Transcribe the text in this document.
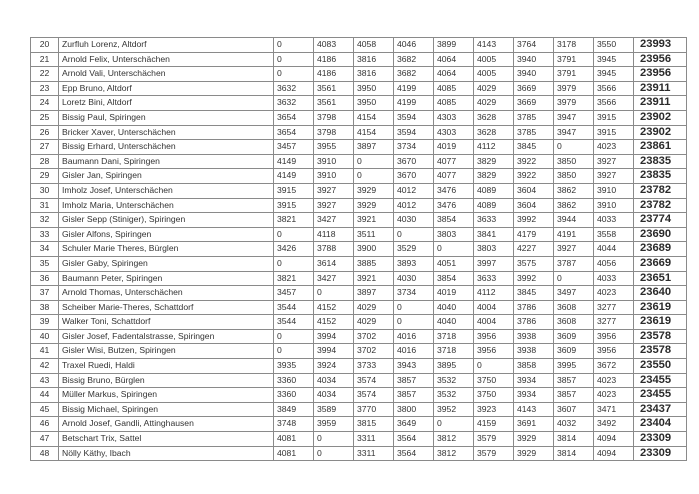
20	Zurfluh Lorenz, Altdorf	0	4083	4058	4046	3899	4143	3764	3178	3550	23993
21	Arnold Felix, Unterschächen	0	4186	3816	3682	4064	4005	3940	3791	3945	23956
22	Arnold Vali, Unterschächen	0	4186	3816	3682	4064	4005	3940	3791	3945	23956
23	Epp Bruno, Altdorf	3632	3561	3950	4199	4085	4029	3669	3979	3566	23911
24	Loretz Bini, Altdorf	3632	3561	3950	4199	4085	4029	3669	3979	3566	23911
25	Bissig Paul, Spiringen	3654	3798	4154	3594	4303	3628	3785	3947	3915	23902
26	Bricker Xaver, Unterschächen	3654	3798	4154	3594	4303	3628	3785	3947	3915	23902
27	Bissig Erhard, Unterschächen	3457	3955	3897	3734	4019	4112	3845	0	4023	23861
28	Baumann Dani, Spiringen	4149	3910	0	3670	4077	3829	3922	3850	3927	23835
29	Gisler Jan, Spiringen	4149	3910	0	3670	4077	3829	3922	3850	3927	23835
30	Imholz Josef, Unterschächen	3915	3927	3929	4012	3476	4089	3604	3862	3910	23782
31	Imholz Maria, Unterschächen	3915	3927	3929	4012	3476	4089	3604	3862	3910	23782
32	Gisler Sepp (Stiniger), Spiringen	3821	3427	3921	4030	3854	3633	3992	3944	4033	23774
33	Gisler Alfons, Spiringen	0	4118	3511	0	3803	3841	4179	4191	3558	23690
34	Schuler Marie Theres, Bürglen	3426	3788	3900	3529	0	3803	4227	3927	4044	23689
35	Gisler Gaby, Spiringen	0	3614	3885	3893	4051	3997	3575	3787	4056	23669
36	Baumann Peter, Spiringen	3821	3427	3921	4030	3854	3633	3992	0	4033	23651
37	Arnold Thomas, Unterschächen	3457	0	3897	3734	4019	4112	3845	3497	4023	23640
38	Scheiber Marie-Theres, Schattdorf	3544	4152	4029	0	4040	4004	3786	3608	3277	23619
39	Walker Toni, Schattdorf	3544	4152	4029	0	4040	4004	3786	3608	3277	23619
40	Gisler Josef, Fadentalstrasse, Spiringen	0	3994	3702	4016	3718	3956	3938	3609	3956	23578
41	Gisler Wisi, Butzen, Spiringen	0	3994	3702	4016	3718	3956	3938	3609	3956	23578
42	Traxel Ruedi, Haldi	3935	3924	3733	3943	3895	0	3858	3995	3672	23550
43	Bissig Bruno, Bürglen	3360	4034	3574	3857	3532	3750	3934	3857	4023	23455
44	Müller Markus, Spiringen	3360	4034	3574	3857	3532	3750	3934	3857	4023	23455
45	Bissig Michael, Spiringen	3849	3589	3770	3800	3952	3923	4143	3607	3471	23437
46	Arnold Josef, Gandli, Attinghausen	3748	3959	3815	3649	0	4159	3691	4032	3492	23404
47	Betschart Trix, Sattel	4081	0	3311	3564	3812	3579	3929	3814	4094	23309
48	Nölly Käthy, Ibach	4081	0	3311	3564	3812	3579	3929	3814	4094	23309
